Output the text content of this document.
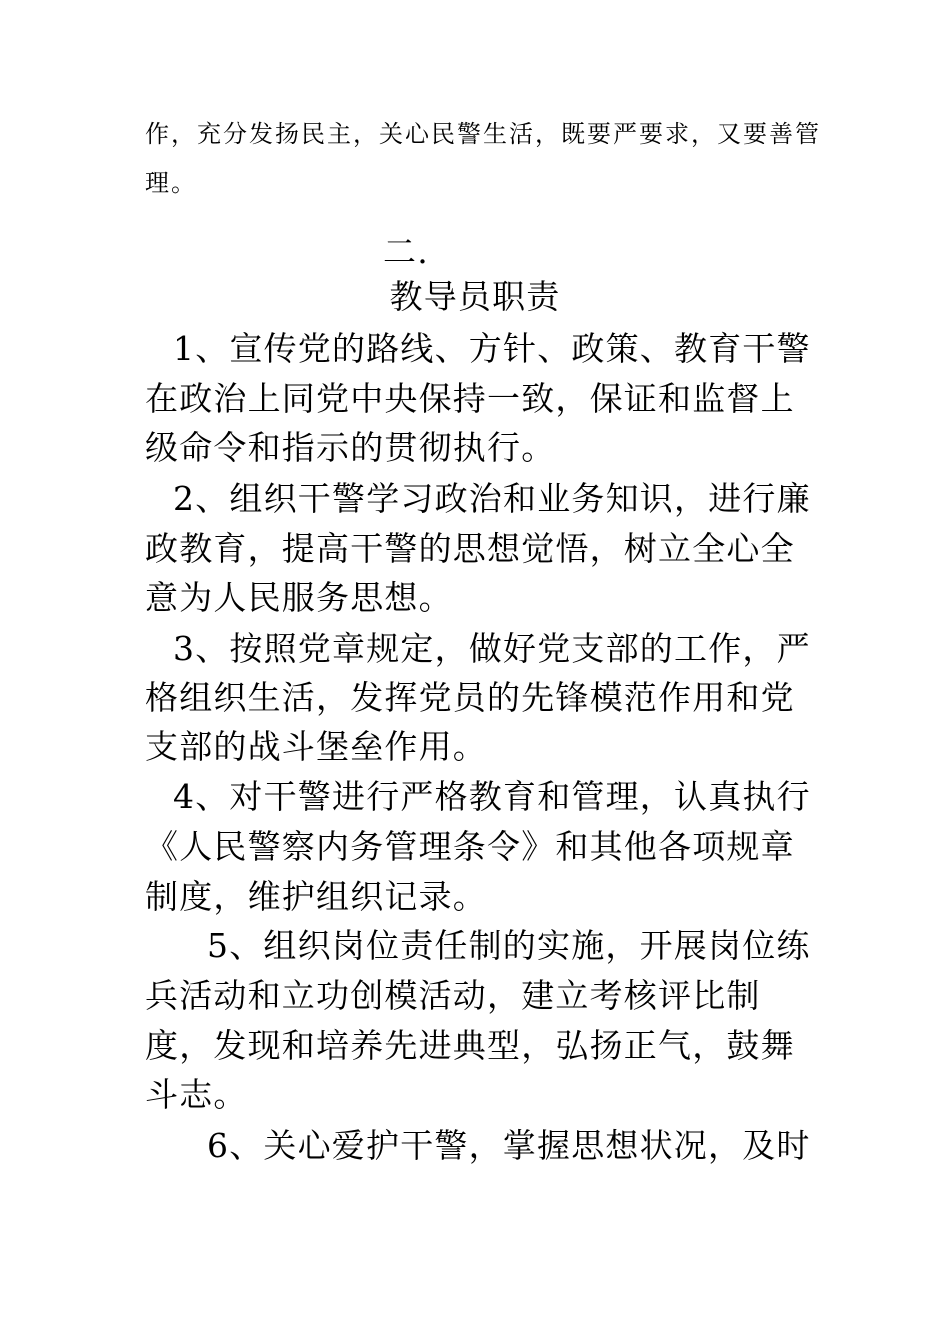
作，充分发扬民主，关心民警生活，既要严要求，又要善管
理。
二.
教导员职责
1、宣传党的路线、方针、政策、教育干警
在政治上同党中央保持一致，保证和监督上
级命令和指示的贯彻执行。
2、组织干警学习政治和业务知识，进行廉
政教育，提高干警的思想觉悟，树立全心全
意为人民服务思想。
3、按照党章规定，做好党支部的工作，严
格组织生活，发挥党员的先锋模范作用和党
支部的战斗堡垒作用。
4、对干警进行严格教育和管理，认真执行
《人民警察内务管理条令》和其他各项规章
制度，维护组织记录。
5、组织岗位责任制的实施，开展岗位练
兵活动和立功创模活动，建立考核评比制
度，发现和培养先进典型，弘扬正气，鼓舞
斗志。
6、关心爱护干警，掌握思想状况，及时
